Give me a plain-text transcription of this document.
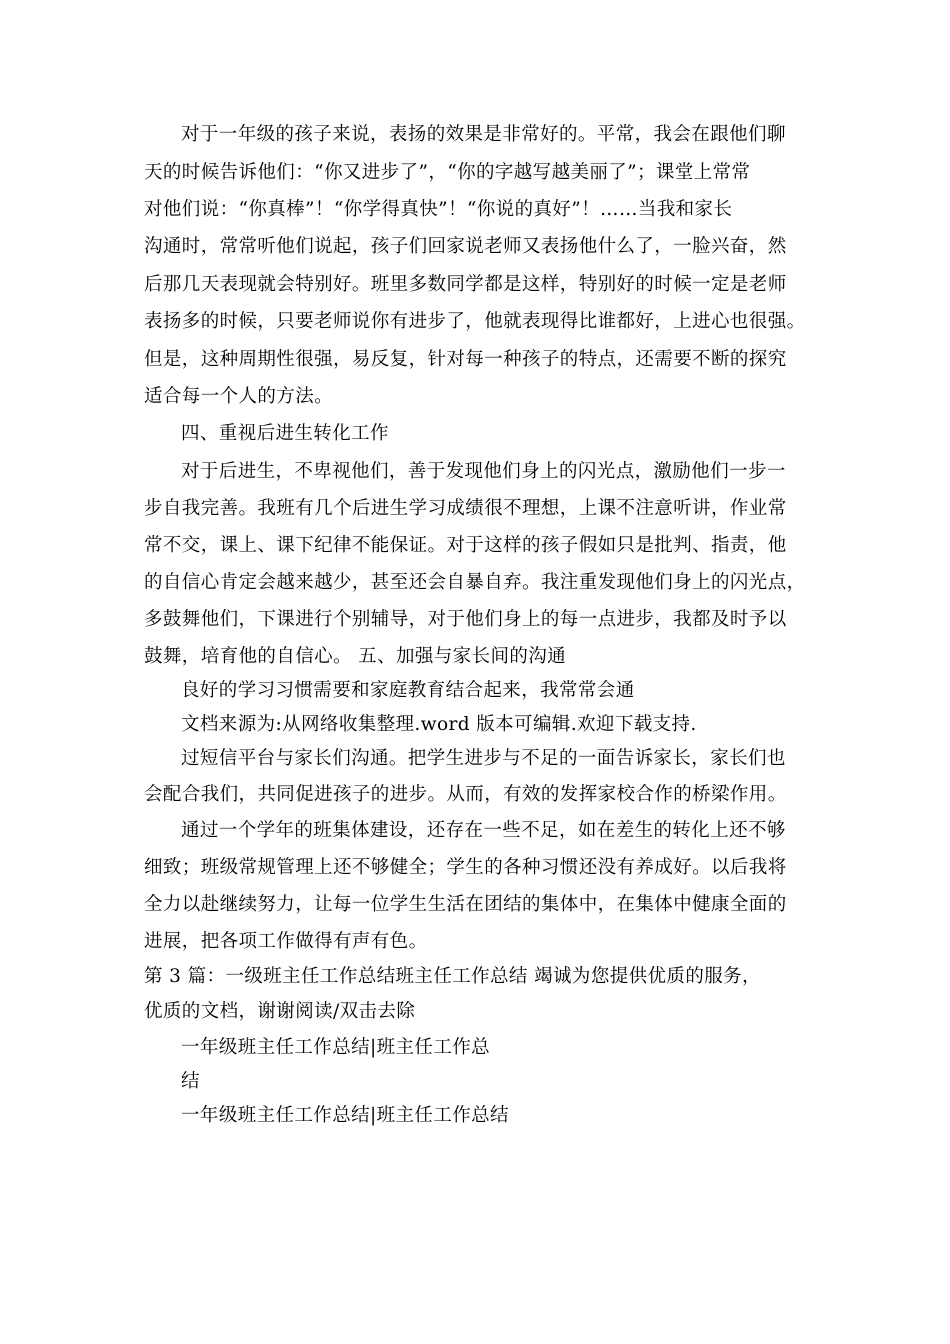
对于一年级的孩子来说，表扬的效果是非常好的。平常，我会在跟他们聊
天的时候告诉他们：“你又进步了”，“你的字越写越美丽了”；课堂上常常
对他们说：“你真棒”！“你学得真快”！“你说的真好”！……当我和家长
沟通时，常常听他们说起，孩子们回家说老师又表扬他什么了，一脸兴奋，然
后那几天表现就会特别好。班里多数同学都是这样，特别好的时候一定是老师
表扬多的时候，只要老师说你有进步了，他就表现得比谁都好，上进心也很强。
但是，这种周期性很强，易反复，针对每一种孩子的特点，还需要不断的探究
适合每一个人的方法。
四、重视后进生转化工作
对于后进生，不卑视他们，善于发现他们身上的闪光点，激励他们一步一
步自我完善。我班有几个后进生学习成绩很不理想，上课不注意听讲，作业常
常不交，课上、课下纪律不能保证。对于这样的孩子假如只是批判、指责，他
的自信心肯定会越来越少，甚至还会自暴自弃。我注重发现他们身上的闪光点，
多鼓舞他们，下课进行个别辅导，对于他们身上的每一点进步，我都及时予以
鼓舞，培育他的自信心。 五、加强与家长间的沟通
良好的学习习惯需要和家庭教育结合起来，我常常会通
文档来源为:从网络收集整理.word 版本可编辑.欢迎下载支持.
过短信平台与家长们沟通。把学生进步与不足的一面告诉家长，家长们也
会配合我们，共同促进孩子的进步。从而，有效的发挥家校合作的桥梁作用。
通过一个学年的班集体建设，还存在一些不足，如在差生的转化上还不够
细致；班级常规管理上还不够健全；学生的各种习惯还没有养成好。以后我将
全力以赴继续努力，让每一位学生生活在团结的集体中，在集体中健康全面的
进展，把各项工作做得有声有色。
第 3 篇：一级班主任工作总结班主任工作总结 竭诚为您提供优质的服务，
优质的文档，谢谢阅读/双击去除
一年级班主任工作总结|班主任工作总
结
一年级班主任工作总结|班主任工作总结
